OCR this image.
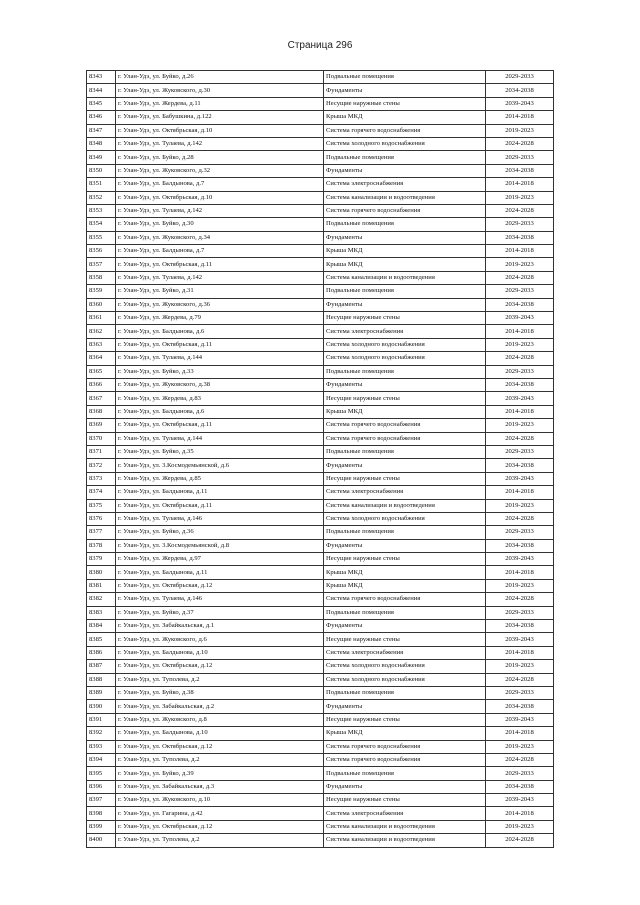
Страница 296
8343	г. Улан-Удэ, ул. Буйко, д.26	Подвальные помещения	2029-2033
8344	г. Улан-Удэ, ул. Жуковского, д.30	Фундаменты	2034-2038
8345	г. Улан-Удэ, ул. Жердева, д.11	Несущие наружные стены	2039-2043
8346	г. Улан-Удэ, ул. Бабушкина, д.122	Крыша МКД	2014-2018
8347	г. Улан-Удэ, ул. Октябрьская, д.10	Система горячего водоснабжения	2019-2023
8348	г. Улан-Удэ, ул. Тулаева, д.142	Система холодного водоснабжения	2024-2028
8349	г. Улан-Удэ, ул. Буйко, д.28	Подвальные помещения	2029-2033
8350	г. Улан-Удэ, ул. Жуковского, д.32	Фундаменты	2034-2038
8351	г. Улан-Удэ, ул. Балдынова, д.7	Система электроснабжения	2014-2018
8352	г. Улан-Удэ, ул. Октябрьская, д.10	Система канализации и водоотведения	2019-2023
8353	г. Улан-Удэ, ул. Тулаева, д.142	Система горячего водоснабжения	2024-2028
8354	г. Улан-Удэ, ул. Буйко, д.30	Подвальные помещения	2029-2033
8355	г. Улан-Удэ, ул. Жуковского, д.34	Фундаменты	2034-2038
8356	г. Улан-Удэ, ул. Балдынова, д.7	Крыша МКД	2014-2018
8357	г. Улан-Удэ, ул. Октябрьская, д.11	Крыша МКД	2019-2023
8358	г. Улан-Удэ, ул. Тулаева, д.142	Система канализации и водоотведения	2024-2028
8359	г. Улан-Удэ, ул. Буйко, д.31	Подвальные помещения	2029-2033
8360	г. Улан-Удэ, ул. Жуковского, д.36	Фундаменты	2034-2038
8361	г. Улан-Удэ, ул. Жердева, д.79	Несущие наружные стены	2039-2043
8362	г. Улан-Удэ, ул. Балдынова, д.6	Система электроснабжения	2014-2018
8363	г. Улан-Удэ, ул. Октябрьская, д.11	Система холодного водоснабжения	2019-2023
8364	г. Улан-Удэ, ул. Тулаева, д.144	Система холодного водоснабжения	2024-2028
8365	г. Улан-Удэ, ул. Буйко, д.33	Подвальные помещения	2029-2033
8366	г. Улан-Удэ, ул. Жуковского, д.38	Фундаменты	2034-2038
8367	г. Улан-Удэ, ул. Жердева, д.83	Несущие наружные стены	2039-2043
8368	г. Улан-Удэ, ул. Балдынова, д.6	Крыша МКД	2014-2018
8369	г. Улан-Удэ, ул. Октябрьская, д.11	Система горячего водоснабжения	2019-2023
8370	г. Улан-Удэ, ул. Тулаева, д.144	Система горячего водоснабжения	2024-2028
8371	г. Улан-Удэ, ул. Буйко, д.35	Подвальные помещения	2029-2033
8372	г. Улан-Удэ, ул. 3.Космодемьянской, д.6	Фундаменты	2034-2038
8373	г. Улан-Удэ, ул. Жердева, д.85	Несущие наружные стены	2039-2043
8374	г. Улан-Удэ, ул. Балдынова, д.11	Система электроснабжения	2014-2018
8375	г. Улан-Удэ, ул. Октябрьская, д.11	Система канализации и водоотведения	2019-2023
8376	г. Улан-Удэ, ул. Тулаева, д.146	Система холодного водоснабжения	2024-2028
8377	г. Улан-Удэ, ул. Буйко, д.36	Подвальные помещения	2029-2033
8378	г. Улан-Удэ, ул. 3.Космодемьянской, д.8	Фундаменты	2034-2038
8379	г. Улан-Удэ, ул. Жердева, д.97	Несущие наружные стены	2039-2043
8380	г. Улан-Удэ, ул. Балдынова, д.11	Крыша МКД	2014-2018
8381	г. Улан-Удэ, ул. Октябрьская, д.12	Крыша МКД	2019-2023
8382	г. Улан-Удэ, ул. Тулаева, д.146	Система горячего водоснабжения	2024-2028
8383	г. Улан-Удэ, ул. Буйко, д.37	Подвальные помещения	2029-2033
8384	г. Улан-Удэ, ул. Забайкальская, д.1	Фундаменты	2034-2038
8385	г. Улан-Удэ, ул. Жуковского, д.6	Несущие наружные стены	2039-2043
8386	г. Улан-Удэ, ул. Балдынова, д.10	Система электроснабжения	2014-2018
8387	г. Улан-Удэ, ул. Октябрьская, д.12	Система холодного водоснабжения	2019-2023
8388	г. Улан-Удэ, ул. Туполева, д.2	Система холодного водоснабжения	2024-2028
8389	г. Улан-Удэ, ул. Буйко, д.38	Подвальные помещения	2029-2033
8390	г. Улан-Удэ, ул. Забайкальская, д.2	Фундаменты	2034-2038
8391	г. Улан-Удэ, ул. Жуковского, д.8	Несущие наружные стены	2039-2043
8392	г. Улан-Удэ, ул. Балдынова, д.10	Крыша МКД	2014-2018
8393	г. Улан-Удэ, ул. Октябрьская, д.12	Система горячего водоснабжения	2019-2023
8394	г. Улан-Удэ, ул. Туполева, д.2	Система горячего водоснабжения	2024-2028
8395	г. Улан-Удэ, ул. Буйко, д.39	Подвальные помещения	2029-2033
8396	г. Улан-Удэ, ул. Забайкальская, д.3	Фундаменты	2034-2038
8397	г. Улан-Удэ, ул. Жуковского, д.10	Несущие наружные стены	2039-2043
8398	г. Улан-Удэ, ул. Гагарина, д.42	Система электроснабжения	2014-2018
8399	г. Улан-Удэ, ул. Октябрьская, д.12	Система канализации и водоотведения	2019-2023
8400	г. Улан-Удэ, ул. Туполева, д.2	Система канализации и водоотведения	2024-2028
